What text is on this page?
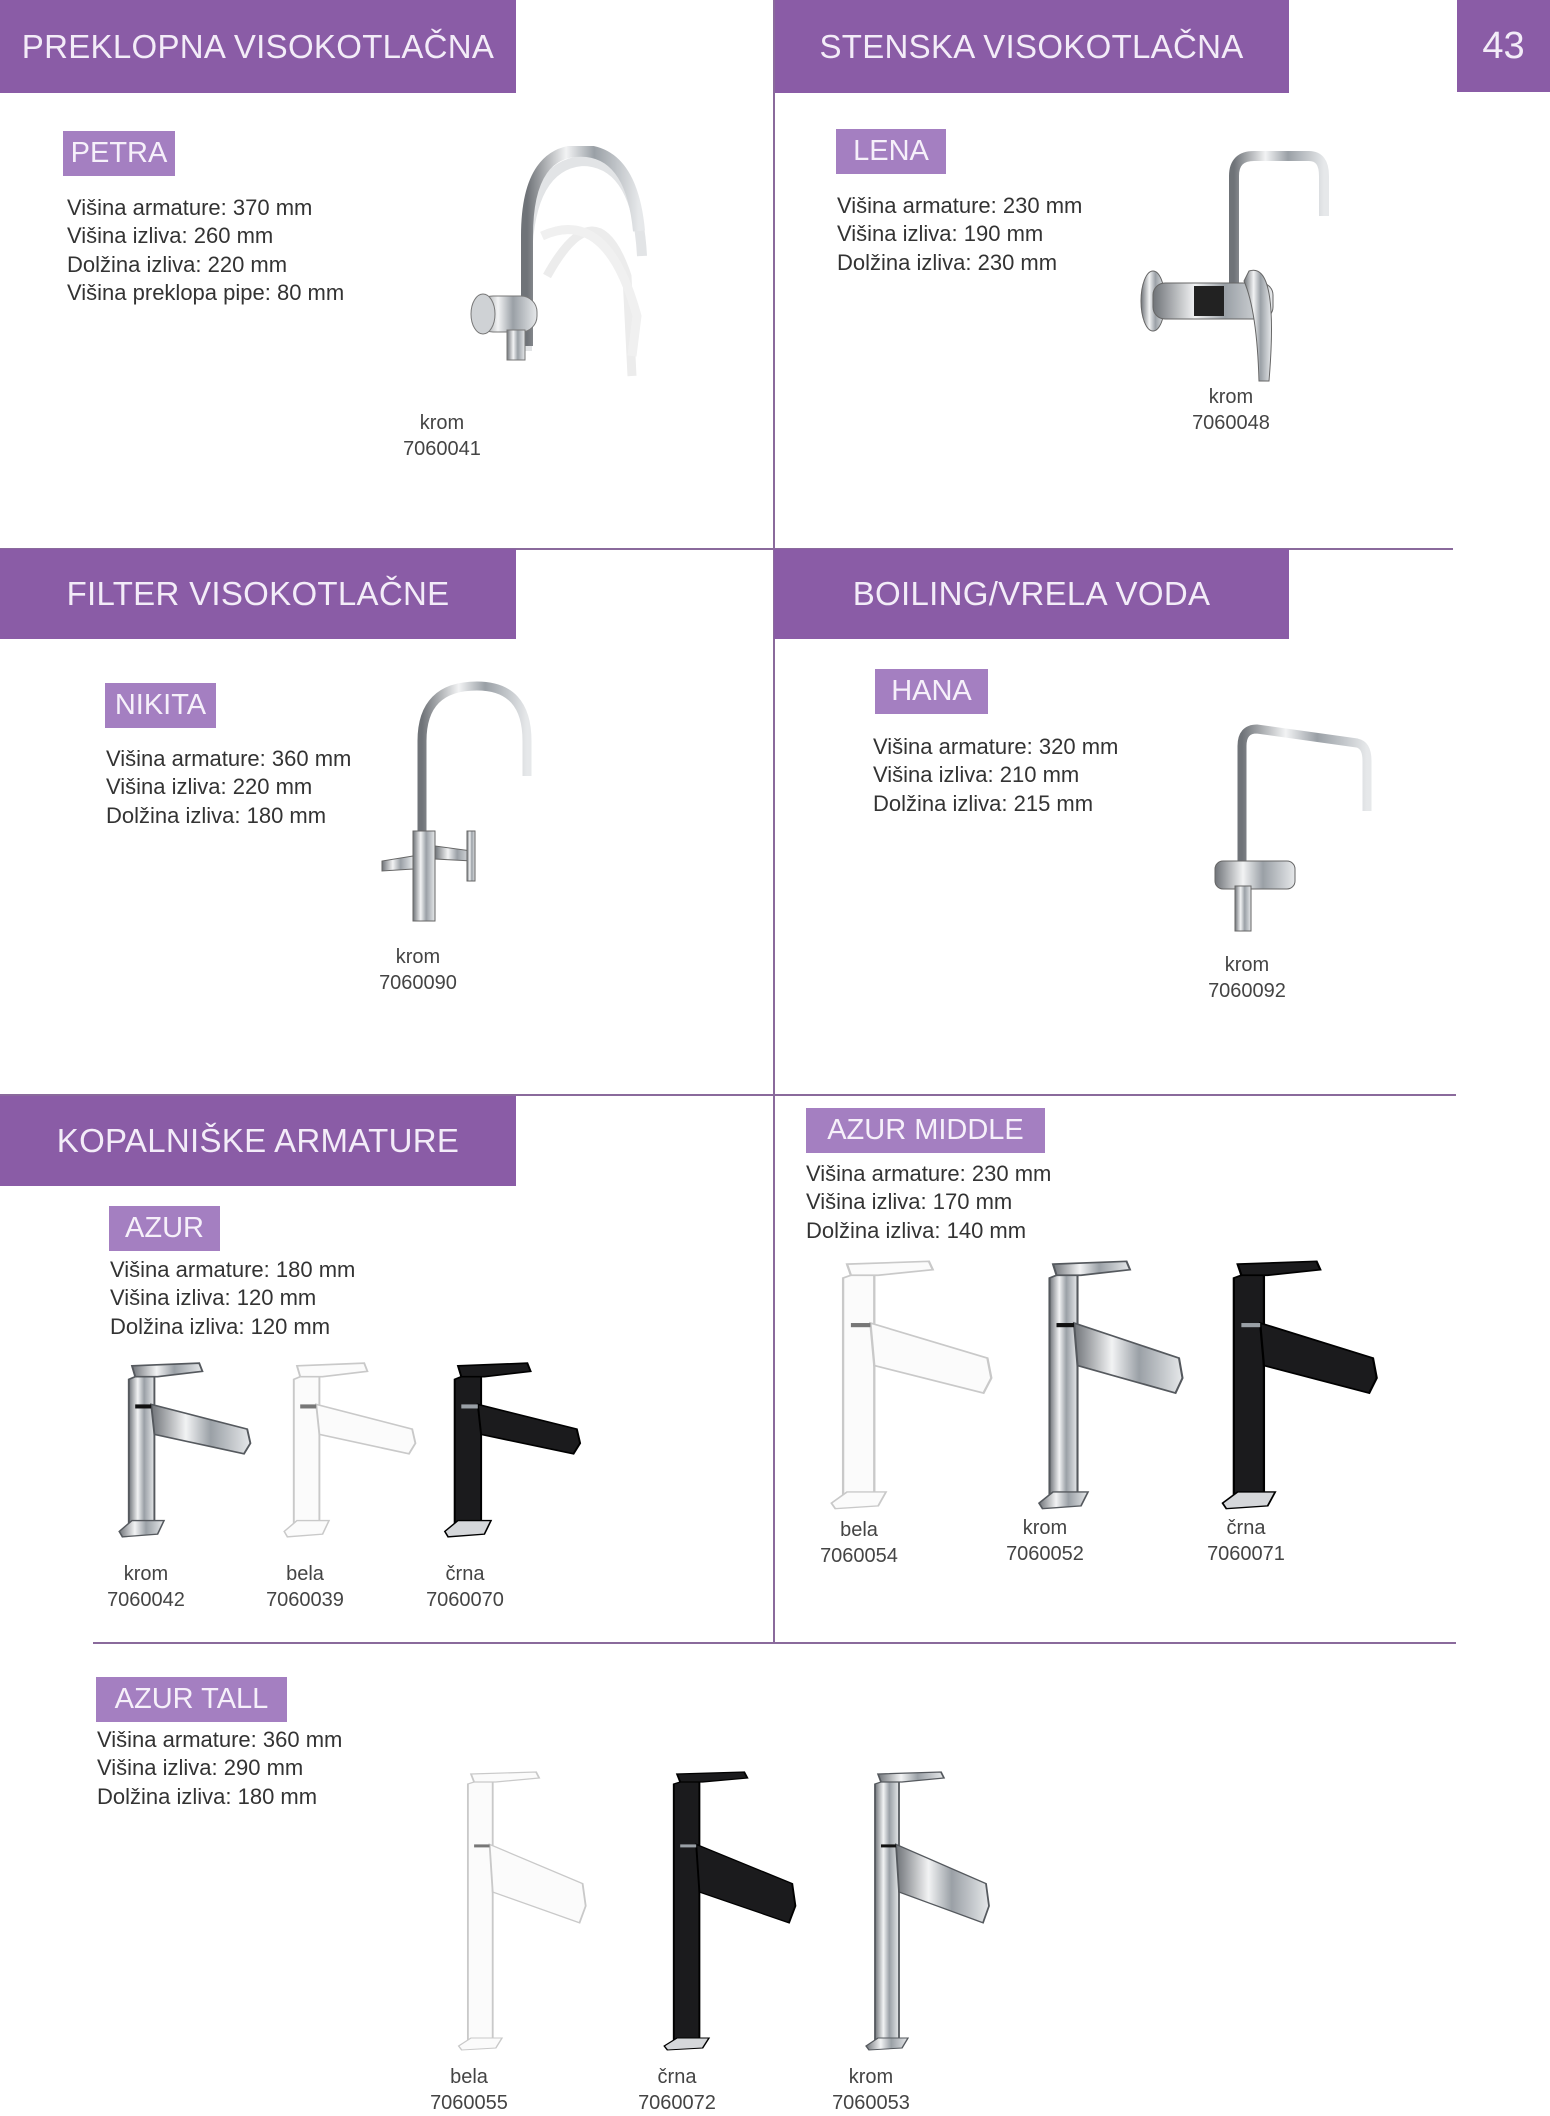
PREKLOPNA VISOKOTLAČNA	STENSKA VISOKOTLAČNA	43
FILTER VISOKOTLAČNE	BOILING/VRELA VODA
KOPALNIŠKE ARMATURE
PETRA
Višina armature: 370 mm
Višina izliva: 260 mm
Dolžina izliva: 220 mm
Višina preklopa pipe: 80 mm
krom
7060041
LENA
Višina armature: 230 mm
Višina izliva: 190 mm
Dolžina izliva: 230 mm
krom
7060048
NIKITA
Višina armature: 360 mm
Višina izliva: 220 mm
Dolžina izliva: 180 mm
krom
7060090
HANA
Višina armature: 320 mm
Višina izliva: 210 mm
Dolžina izliva: 215 mm
krom
7060092
AZUR
Višina armature: 180 mm
Višina izliva: 120 mm
Dolžina izliva: 120 mm
krom
7060042
bela
7060039
črna
7060070
AZUR MIDDLE
Višina armature: 230 mm
Višina izliva: 170 mm
Dolžina izliva: 140 mm
bela
7060054
krom
7060052
črna
7060071
AZUR TALL
Višina armature: 360 mm
Višina izliva: 290 mm
Dolžina izliva: 180 mm
bela
7060055
črna
7060072
krom
7060053
